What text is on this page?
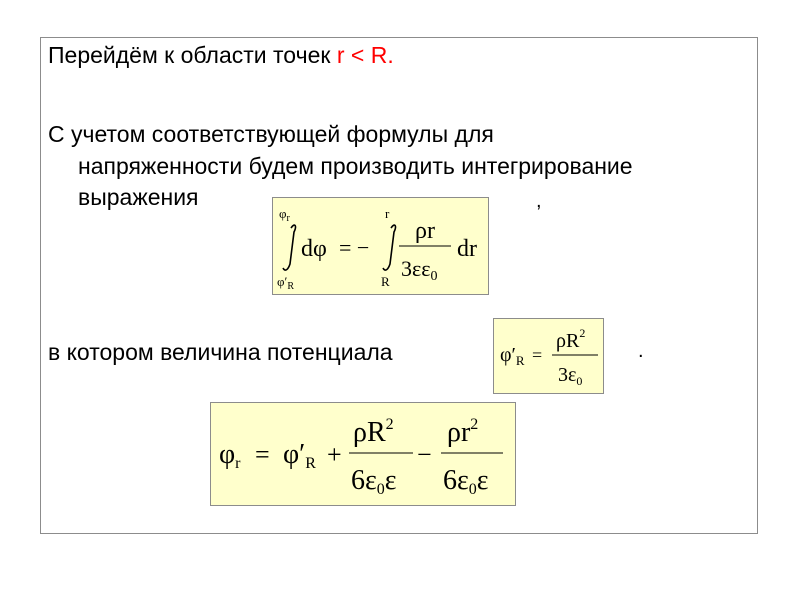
Перейдём к области точек r < R.
С учетом соответствующей формулы для
напряженности будем производить интегрирование
выражения	,
$\varphi_r$
$\varphi'_R$
dφ = −
r
R
ρr
3εε0
dr
в котором величина потенциала	.
$\varphi'_R$ =
$\rho R^2$
$3\varepsilon_0$
φr = φ′R +
$\rho R^2$
6ε0ε
−
$\rho r^2$
6ε0ε
